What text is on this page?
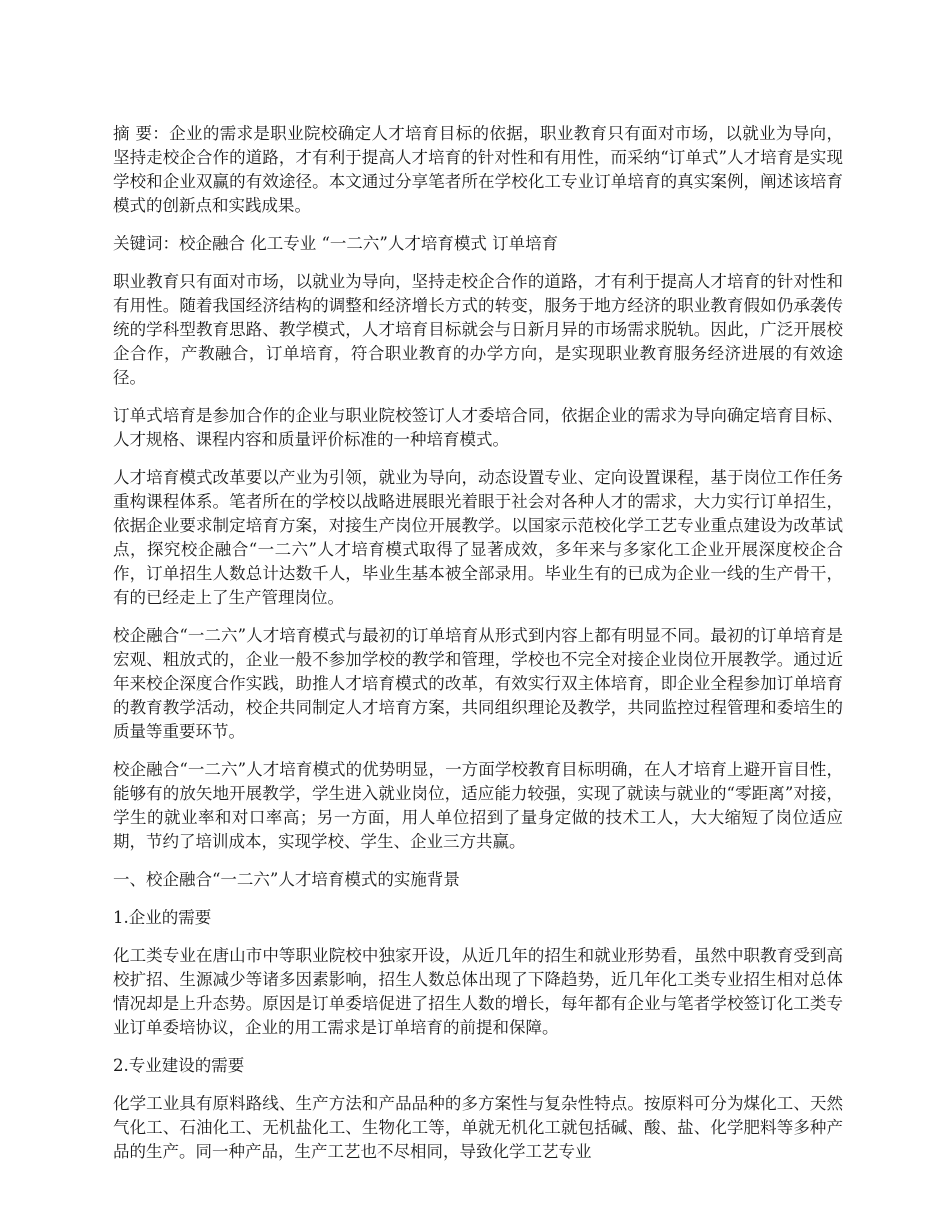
摘 要：企业的需求是职业院校确定人才培育目标的依据，职业教育只有面对市场，以就业为导向，坚持走校企合作的道路，才有利于提高人才培育的针对性和有用性，而采纳“订单式”人才培育是实现学校和企业双赢的有效途径。本文通过分享笔者所在学校化工专业订单培育的真实案例，阐述该培育模式的创新点和实践成果。

关键词：校企融合 化工专业 “一二六”人才培育模式 订单培育

职业教育只有面对市场，以就业为导向，坚持走校企合作的道路，才有利于提高人才培育的针对性和有用性。随着我国经济结构的调整和经济增长方式的转变，服务于地方经济的职业教育假如仍承袭传统的学科型教育思路、教学模式，人才培育目标就会与日新月异的市场需求脱轨。因此，广泛开展校企合作，产教融合，订单培育，符合职业教育的办学方向，是实现职业教育服务经济进展的有效途径。

订单式培育是参加合作的企业与职业院校签订人才委培合同，依据企业的需求为导向确定培育目标、人才规格、课程内容和质量评价标准的一种培育模式。

人才培育模式改革要以产业为引领，就业为导向，动态设置专业、定向设置课程，基于岗位工作任务重构课程体系。笔者所在的学校以战略进展眼光着眼于社会对各种人才的需求，大力实行订单招生，依据企业要求制定培育方案，对接生产岗位开展教学。以国家示范校化学工艺专业重点建设为改革试点，探究校企融合“一二六”人才培育模式取得了显著成效，多年来与多家化工企业开展深度校企合作，订单招生人数总计达数千人，毕业生基本被全部录用。毕业生有的已成为企业一线的生产骨干，有的已经走上了生产管理岗位。

校企融合“一二六”人才培育模式与最初的订单培育从形式到内容上都有明显不同。最初的订单培育是宏观、粗放式的，企业一般不参加学校的教学和管理，学校也不完全对接企业岗位开展教学。通过近年来校企深度合作实践，助推人才培育模式的改革，有效实行双主体培育，即企业全程参加订单培育的教育教学活动，校企共同制定人才培育方案，共同组织理论及教学，共同监控过程管理和委培生的质量等重要环节。

校企融合“一二六”人才培育模式的优势明显，一方面学校教育目标明确，在人才培育上避开盲目性，能够有的放矢地开展教学，学生进入就业岗位，适应能力较强，实现了就读与就业的“零距离”对接，学生的就业率和对口率高；另一方面，用人单位招到了量身定做的技术工人，大大缩短了岗位适应期，节约了培训成本，实现学校、学生、企业三方共赢。

一、校企融合“一二六”人才培育模式的实施背景

1.企业的需要

化工类专业在唐山市中等职业院校中独家开设，从近几年的招生和就业形势看，虽然中职教育受到高校扩招、生源减少等诸多因素影响，招生人数总体出现了下降趋势，近几年化工类专业招生相对总体情况却是上升态势。原因是订单委培促进了招生人数的增长，每年都有企业与笔者学校签订化工类专业订单委培协议，企业的用工需求是订单培育的前提和保障。

2.专业建设的需要

化学工业具有原料路线、生产方法和产品品种的多方案性与复杂性特点。按原料可分为煤化工、天然气化工、石油化工、无机盐化工、生物化工等，单就无机化工就包括碱、酸、盐、化学肥料等多种产品的生产。同一种产品，生产工艺也不尽相同，导致化学工艺专业
